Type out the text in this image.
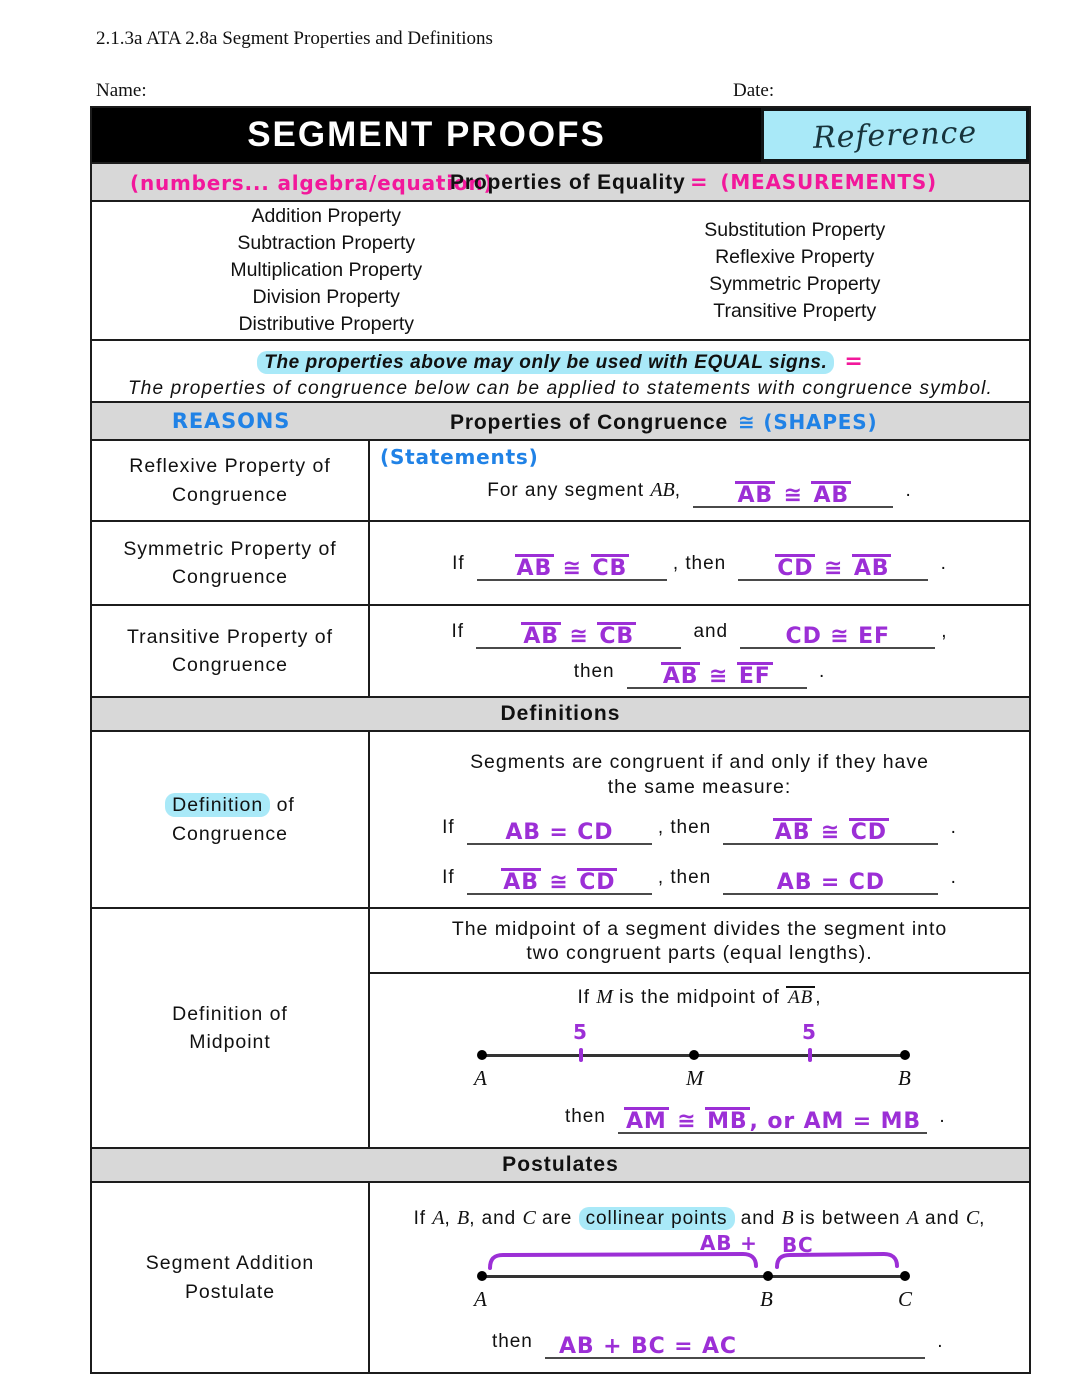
2.1.3a ATA 2.8a Segment Properties and Definitions
Name:	Date:
SEGMENT PROOFS	Reference
(numbers... algebra/equation)
Properties of Equality = (MEASUREMENTS)
Addition Property
Subtraction Property
Multiplication Property
Division Property
Distributive Property
Substitution Property
Reflexive Property
Symmetric Property
Transitive Property
The properties above may only be used with EQUAL signs. =
The properties of congruence below can be applied to statements with congruence symbol.
REASONS	Properties of Congruence ≅ (SHAPES)
Reflexive Property of Congruence
(Statements)
For any segment AB,	AB ≅ AB	.
Symmetric Property of Congruence
If AB ≅ CB , then CD ≅ AB	.
Transitive Property of Congruence
If	AB ≅ CB	and	CD ≅ EF	,
then AB ≅ EF	.
Definitions
Definition of
Congruence
Segments are congruent if and only if they have the same measure:
If AB = CD , then	AB ≅ CD	.
If AB ≅ CD , then	AB = CD	.
Definition of Midpoint
The midpoint of a segment divides the segment into two congruent parts (equal lengths).
If M is the midpoint of AB ,
5	5
A	M	B
then AM ≅ MB, or AM = MB .
Postulates
Segment Addition Postulate
If A, B, and C are collinear points and B is between A and C,
AB + BC
A	B	C
then AB + BC = AC	.
